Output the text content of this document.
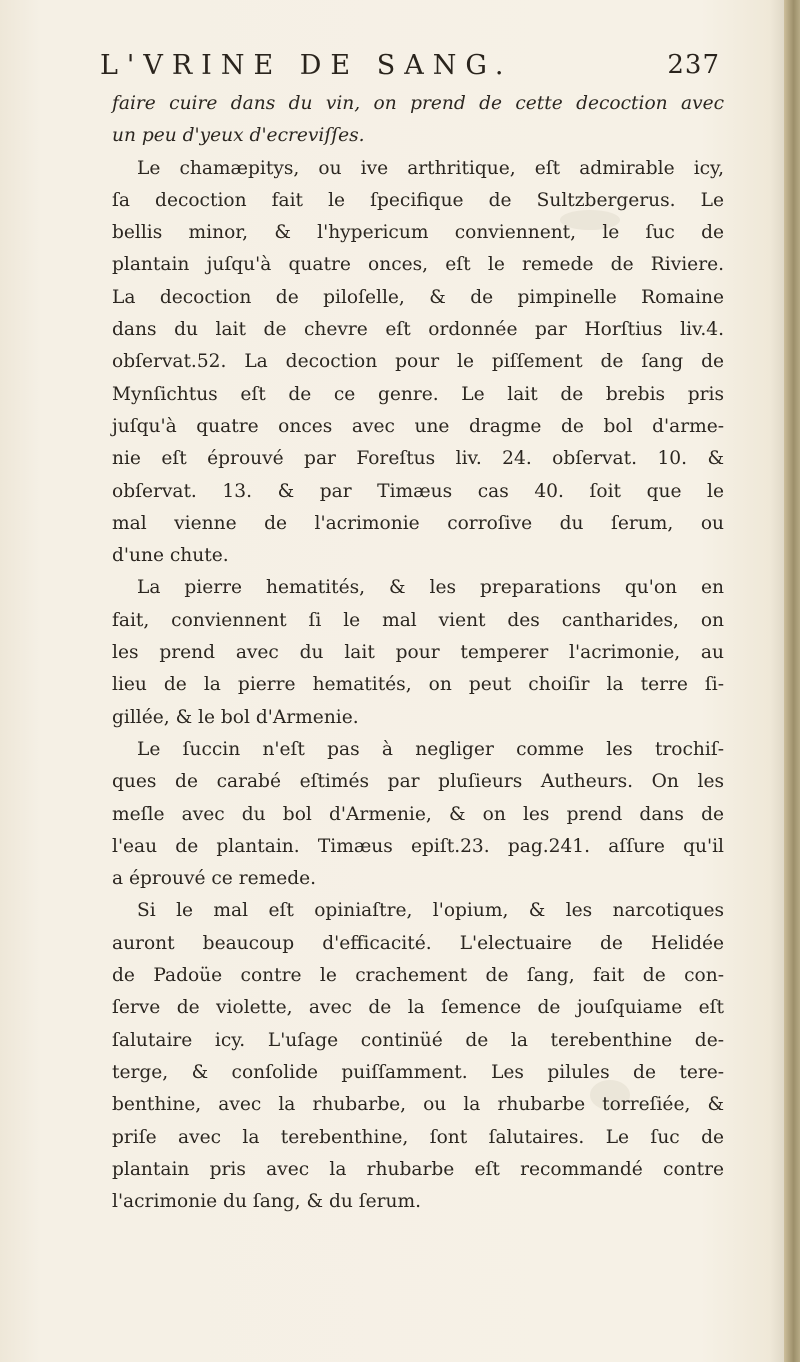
L'VRINE DE SANG.	237
faire cuire dans du vin, on prend de cette decoction avec
un peu d'yeux d'ecreviſſes.
Le chamæpitys, ou ive arthritique, eſt admirable icy,
ſa decoction fait le ſpecifique de Sultzbergerus. Le
bellis minor, & l'hypericum conviennent, le ſuc de
plantain juſqu'à quatre onces, eſt le remede de Riviere.
La decoction de piloſelle, & de pimpinelle Romaine
dans du lait de chevre eſt ordonnée par Horſtius liv.4.
obſervat.52. La decoction pour le piſſement de ſang de
Mynſichtus eſt de ce genre. Le lait de brebis pris
juſqu'à quatre onces avec une dragme de bol d'arme-
nie eſt éprouvé par Foreſtus liv. 24. obſervat. 10. &
obſervat. 13. & par Timæus cas 40. ſoit que le
mal vienne de l'acrimonie corroſive du ſerum, ou
d'une chute.
La pierre hematités, & les preparations qu'on en
fait, conviennent ſi le mal vient des cantharides, on
les prend avec du lait pour temperer l'acrimonie, au
lieu de la pierre hematités, on peut choiſir la terre ſi-
gillée, & le bol d'Armenie.
Le ſuccin n'eſt pas à negliger comme les trochiſ-
ques de carabé eſtimés par pluſieurs Autheurs. On les
meſle avec du bol d'Armenie, & on les prend dans de
l'eau de plantain. Timæus epiſt.23. pag.241. aſſure qu'il
a éprouvé ce remede.
Si le mal eſt opiniaſtre, l'opium, & les narcotiques
auront beaucoup d'efficacité. L'electuaire de Helidée
de Padoüe contre le crachement de ſang, fait de con-
ſerve de violette, avec de la ſemence de jouſquiame eſt
ſalutaire icy. L'uſage continüé de la terebenthine de-
terge, & conſolide puiſſamment. Les pilules de tere-
benthine, avec la rhubarbe, ou la rhubarbe torreſiée, &
priſe avec la terebenthine, ſont ſalutaires. Le ſuc de
plantain pris avec la rhubarbe eſt recommandé contre
l'acrimonie du ſang, & du ſerum.
